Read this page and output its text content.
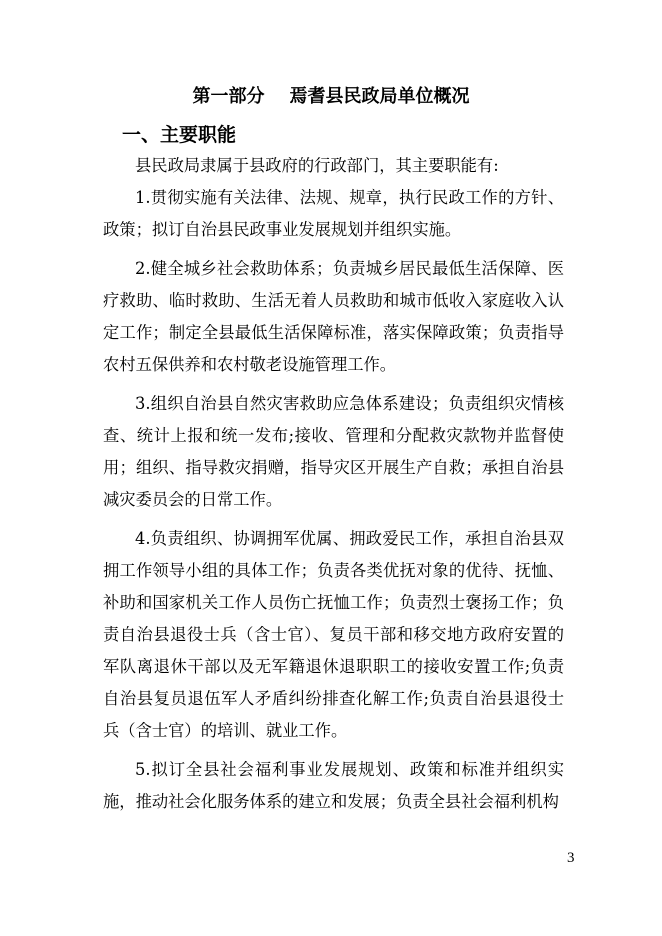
第一部分    焉耆县民政局单位概况
一、主要职能

县民政局隶属于县政府的行政部门，其主要职能有:

1.贯彻实施有关法律、法规、规章，执行民政工作的方针、政策；拟订自治县民政事业发展规划并组织实施。

2.健全城乡社会救助体系；负责城乡居民最低生活保障、医疗救助、临时救助、生活无着人员救助和城市低收入家庭收入认定工作；制定全县最低生活保障标准，落实保障政策；负责指导农村五保供养和农村敬老设施管理工作。

3.组织自治县自然灾害救助应急体系建设；负责组织灾情核查、统计上报和统一发布;接收、管理和分配救灾款物并监督使用；组织、指导救灾捐赠，指导灾区开展生产自救；承担自治县减灾委员会的日常工作。

4.负责组织、协调拥军优属、拥政爱民工作，承担自治县双拥工作领导小组的具体工作；负责各类优抚对象的优待、抚恤、补助和国家机关工作人员伤亡抚恤工作；负责烈士褒扬工作；负责自治县退役士兵（含士官）、复员干部和移交地方政府安置的军队离退休干部以及无军籍退休退职职工的接收安置工作;负责自治县复员退伍军人矛盾纠纷排查化解工作;负责自治县退役士兵（含士官）的培训、就业工作。

5.拟订全县社会福利事业发展规划、政策和标准并组织实施，推动社会化服务体系的建立和发展；负责全县社会福利机构

3
